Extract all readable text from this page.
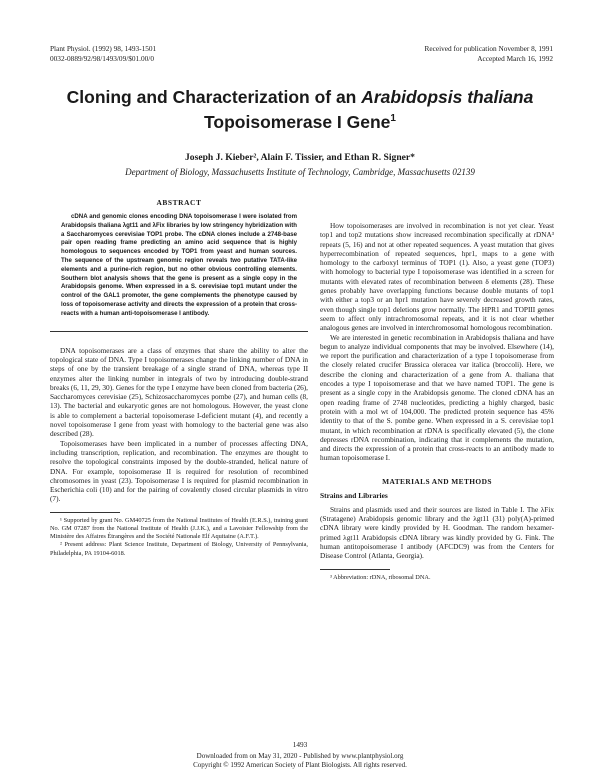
Plant Physiol. (1992) 98, 1493-1501
0032-0889/92/98/1493/09/$01.00/0
Received for publication November 8, 1991
Accepted March 16, 1992
Cloning and Characterization of an Arabidopsis thaliana
Topoisomerase I Gene$^1$
Joseph J. Kieber², Alain F. Tissier, and Ethan R. Signer*
Department of Biology, Massachusetts Institute of Technology, Cambridge, Massachusetts 02139
ABSTRACT

cDNA and genomic clones encoding DNA topoisomerase I were isolated from Arabidopsis thaliana λgt11 and λFix libraries by low stringency hybridization with a Saccharomyces cerevisiae TOP1 probe. The cDNA clones include a 2748-base pair open reading frame predicting an amino acid sequence that is highly homologous to sequences encoded by TOP1 from yeast and human sources. The sequence of the upstream genomic region reveals two putative TATA-like elements and a purine-rich region, but no other obvious controlling elements. Southern blot analysis shows that the gene is present as a single copy in the Arabidopsis genome. When expressed in a S. cerevisiae top1 mutant under the control of the GAL1 promoter, the gene complements the phenotype caused by loss of topoisomerase activity and directs the expression of a protein that cross-reacts with a human anti-topoisomerase I antibody.

DNA topoisomerases are a class of enzymes that share the ability to alter the topological state of DNA. Type I topoisomerases change the linking number of DNA in steps of one by the transient breakage of a single strand of DNA, whereas type II enzymes alter the linking number in integrals of two by introducing double-strand breaks (6, 11, 29, 30). Genes for the type I enzyme have been cloned from bacteria (26), Saccharomyces cerevisiae (25), Schizosaccharomyces pombe (27), and human cells (8, 13). The bacterial and eukaryotic genes are not homologous. However, the yeast clone is able to complement a bacterial topoisomerase I-deficient mutant (4), and recently a novel topoisomerase I gene from yeast with homology to the bacterial gene was also described (28).

Topoisomerases have been implicated in a number of processes affecting DNA, including transcription, replication, and recombination. The enzymes are thought to resolve the topological constraints imposed by the double-stranded, helical nature of DNA. For example, topoisomerase II is required for resolution of recombined chromosomes in yeast (23). Topoisomerase I is required for plasmid recombination in Escherichia coli (10) and for the pairing of covalently closed circular plasmids in vitro (7).

¹ Supported by grant No. GM40725 from the National Institutes of Health (E.R.S.), training grant No. GM 07287 from the National Institute of Health (J.J.K.), and a Lavoisier Fellowship from the Ministère des Affaires Étrangères and the Société Nationale Elf Aquitaine (A.F.T.).

² Present address: Plant Science Institute, Department of Biology, University of Pennsylvania, Philadelphia, PA 19104-6018.

How topoisomerases are involved in recombination is not yet clear. Yeast top1 and top2 mutations show increased recombination specifically at rDNA³ repeats (5, 16) and not at other repeated sequences. A yeast mutation that gives hyperrecombination of repeated sequences, hpr1, maps to a gene with homology to the carboxyl terminus of TOP1 (1). Also, a yeast gene (TOP3) with homology to bacterial type I topoisomerase was identified in a screen for mutants with elevated rates of recombination between δ elements (28). These genes probably have overlapping functions because double mutants of top1 with either a top3 or an hpr1 mutation have severely decreased growth rates, even though single top1 deletions grow normally. The HPR1 and TOPIII genes seem to affect only intrachromosomal repeats, and it is not clear whether analogous genes are involved in interchromosomal homologous recombination.

We are interested in genetic recombination in Arabidopsis thaliana and have begun to analyze individual components that may be involved. Elsewhere (14), we report the purification and characterization of a type I topoisomerase from the closely related crucifer Brassica oleracea var italica (broccoli). Here, we describe the cloning and characterization of a gene from A. thaliana that encodes a type I topoisomerase and that we have named TOP1. The gene is present as a single copy in the Arabidopsis genome. The cloned cDNA has an open reading frame of 2748 nucleotides, predicting a highly charged, basic protein with a mol wt of 104,000. The predicted protein sequence has 45% identity to that of the S. pombe gene. When expressed in a S. cerevisiae top1 mutant, in which recombination at rDNA is specifically elevated (5), the clone depresses rDNA recombination, indicating that it complements the mutation, and directs the expression of a protein that cross-reacts to an antibody made to human topoisomerase I.

MATERIALS AND METHODS
Strains and Libraries

Strains and plasmids used and their sources are listed in Table I. The λFix (Stratagene) Arabidopsis genomic library and the λgt11 (31) poly(A)-primed cDNA library were kindly provided by H. Goodman. The random hexamer-primed λgt11 Arabidopsis cDNA library was kindly provided by G. Fink. The human antitopoisomerase I antibody (AFCDC9) was from the Centers for Disease Control (Atlanta, Georgia).

³ Abbreviation: rDNA, ribosomal DNA.

1493
Downloaded from on May 31, 2020 - Published by www.plantphysiol.org
Copyright © 1992 American Society of Plant Biologists. All rights reserved.
